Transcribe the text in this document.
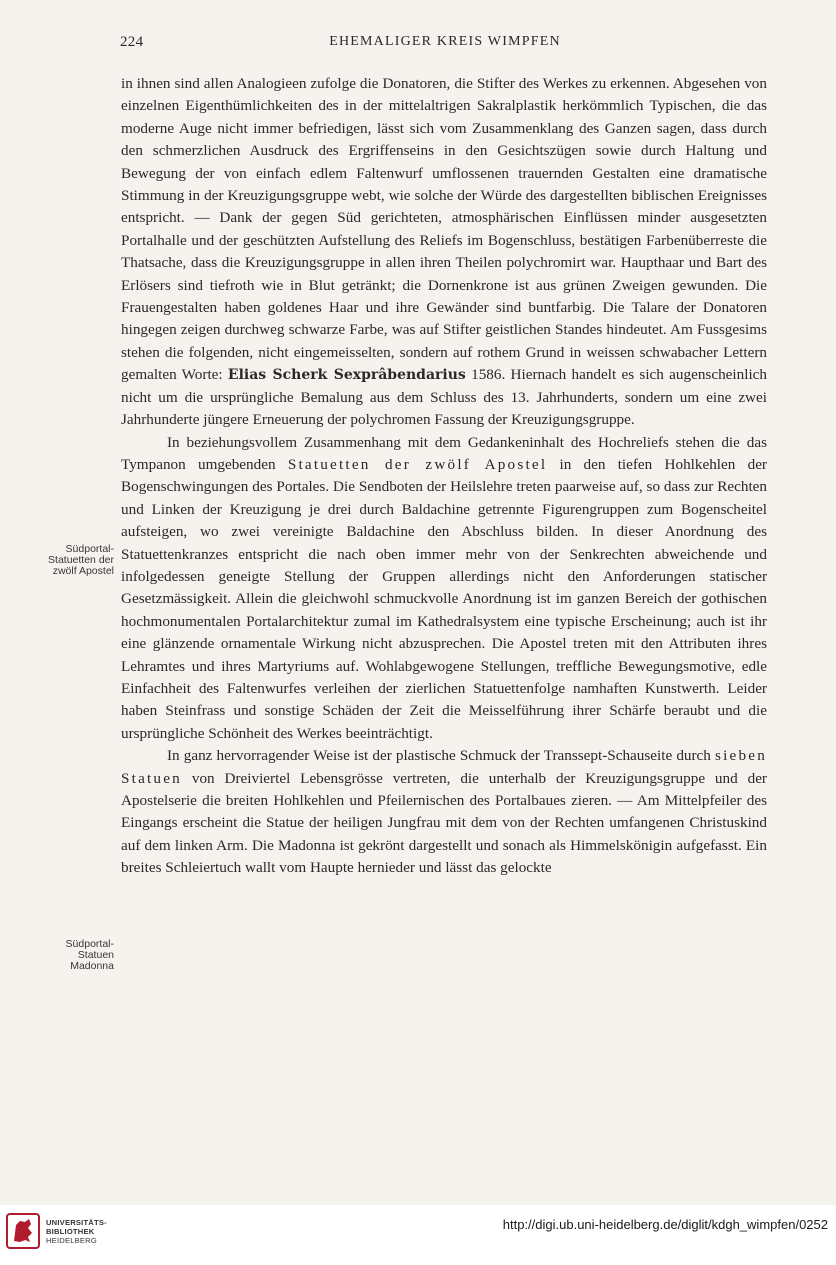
224	EHEMALIGER KREIS WIMPFEN

in ihnen sind allen Analogieen zufolge die Donatoren, die Stifter des Werkes zu erkennen. Abgesehen von einzelnen Eigenthümlichkeiten des in der mittelaltrigen Sakralplastik herkömmlich Typischen, die das moderne Auge nicht immer befriedigen, lässt sich vom Zusammenklang des Ganzen sagen, dass durch den schmerzlichen Ausdruck des Ergriffenseins in den Gesichtszügen sowie durch Haltung und Bewegung der von einfach edlem Faltenwurf umflossenen trauernden Gestalten eine dramatische Stimmung in der Kreuzigungsgruppe webt, wie solche der Würde des dargestellten biblischen Ereignisses entspricht. — Dank der gegen Süd gerichteten, atmosphärischen Einflüssen minder ausgesetzten Portalhalle und der geschützten Aufstellung des Reliefs im Bogenschluss, bestätigen Farbenüberreste die Thatsache, dass die Kreuzigungsgruppe in allen ihren Theilen polychromirt war. Haupthaar und Bart des Erlösers sind tiefroth wie in Blut getränkt; die Dornenkrone ist aus grünen Zweigen gewunden. Die Frauengestalten haben goldenes Haar und ihre Gewänder sind buntfarbig. Die Talare der Donatoren hingegen zeigen durchweg schwarze Farbe, was auf Stifter geistlichen Standes hindeutet. Am Fussgesims stehen die folgenden, nicht eingemeisselten, sondern auf rothem Grund in weissen schwabacher Lettern gemalten Worte: Elias Scherk Sexprâbendarius 1586. Hiernach handelt es sich augenscheinlich nicht um die ursprüngliche Bemalung aus dem Schluss des 13. Jahrhunderts, sondern um eine zwei Jahrhunderte jüngere Erneuerung der polychromen Fassung der Kreuzigungsgruppe.

In beziehungsvollem Zusammenhang mit dem Gedankeninhalt des Hochreliefs stehen die das Tympanon umgebenden Statuetten der zwölf Apostel in den tiefen Hohlkehlen der Bogenschwingungen des Portales. Die Sendboten der Heilslehre treten paarweise auf, so dass zur Rechten und Linken der Kreuzigung je drei durch Baldachine getrennte Figurengruppen zum Bogenscheitel aufsteigen, wo zwei vereinigte Baldachine den Abschluss bilden. In dieser Anordnung des Statuettenkranzes entspricht die nach oben immer mehr von der Senkrechten abweichende und infolgedessen geneigte Stellung der Gruppen allerdings nicht den Anforderungen statischer Gesetzmässigkeit. Allein die gleichwohl schmuckvolle Anordnung ist im ganzen Bereich der gothischen hochmonumentalen Portalarchitektur zumal im Kathedralsystem eine typische Erscheinung; auch ist ihr eine glänzende ornamentale Wirkung nicht abzusprechen. Die Apostel treten mit den Attributen ihres Lehramtes und ihres Martyriums auf. Wohlabgewogene Stellungen, treffliche Bewegungsmotive, edle Einfachheit des Faltenwurfes verleihen der zierlichen Statuettenfolge namhaften Kunstwerth. Leider haben Steinfrass und sonstige Schäden der Zeit die Meisselführung ihrer Schärfe beraubt und die ursprüngliche Schönheit des Werkes beeinträchtigt.

In ganz hervorragender Weise ist der plastische Schmuck der Transsept-Schauseite durch sieben Statuen von Dreiviertel Lebensgrösse vertreten, die unterhalb der Kreuzigungsgruppe und der Apostelserie die breiten Hohlkehlen und Pfeilernischen des Portalbaues zieren. — Am Mittelpfeiler des Eingangs erscheint die Statue der heiligen Jungfrau mit dem von der Rechten umfangenen Christuskind auf dem linken Arm. Die Madonna ist gekrönt dargestellt und sonach als Himmelskönigin aufgefasst. Ein breites Schleiertuch wallt vom Haupte hernieder und lässt das gelockte

Südportal-
Statuetten der
zwölf Apostel
Südportal-
Statuen
Madonna
UNIVERSITÄTS-
BIBLIOTHEK
HEIDELBERG
http://digi.ub.uni-heidelberg.de/diglit/kdgh_wimpfen/0252
